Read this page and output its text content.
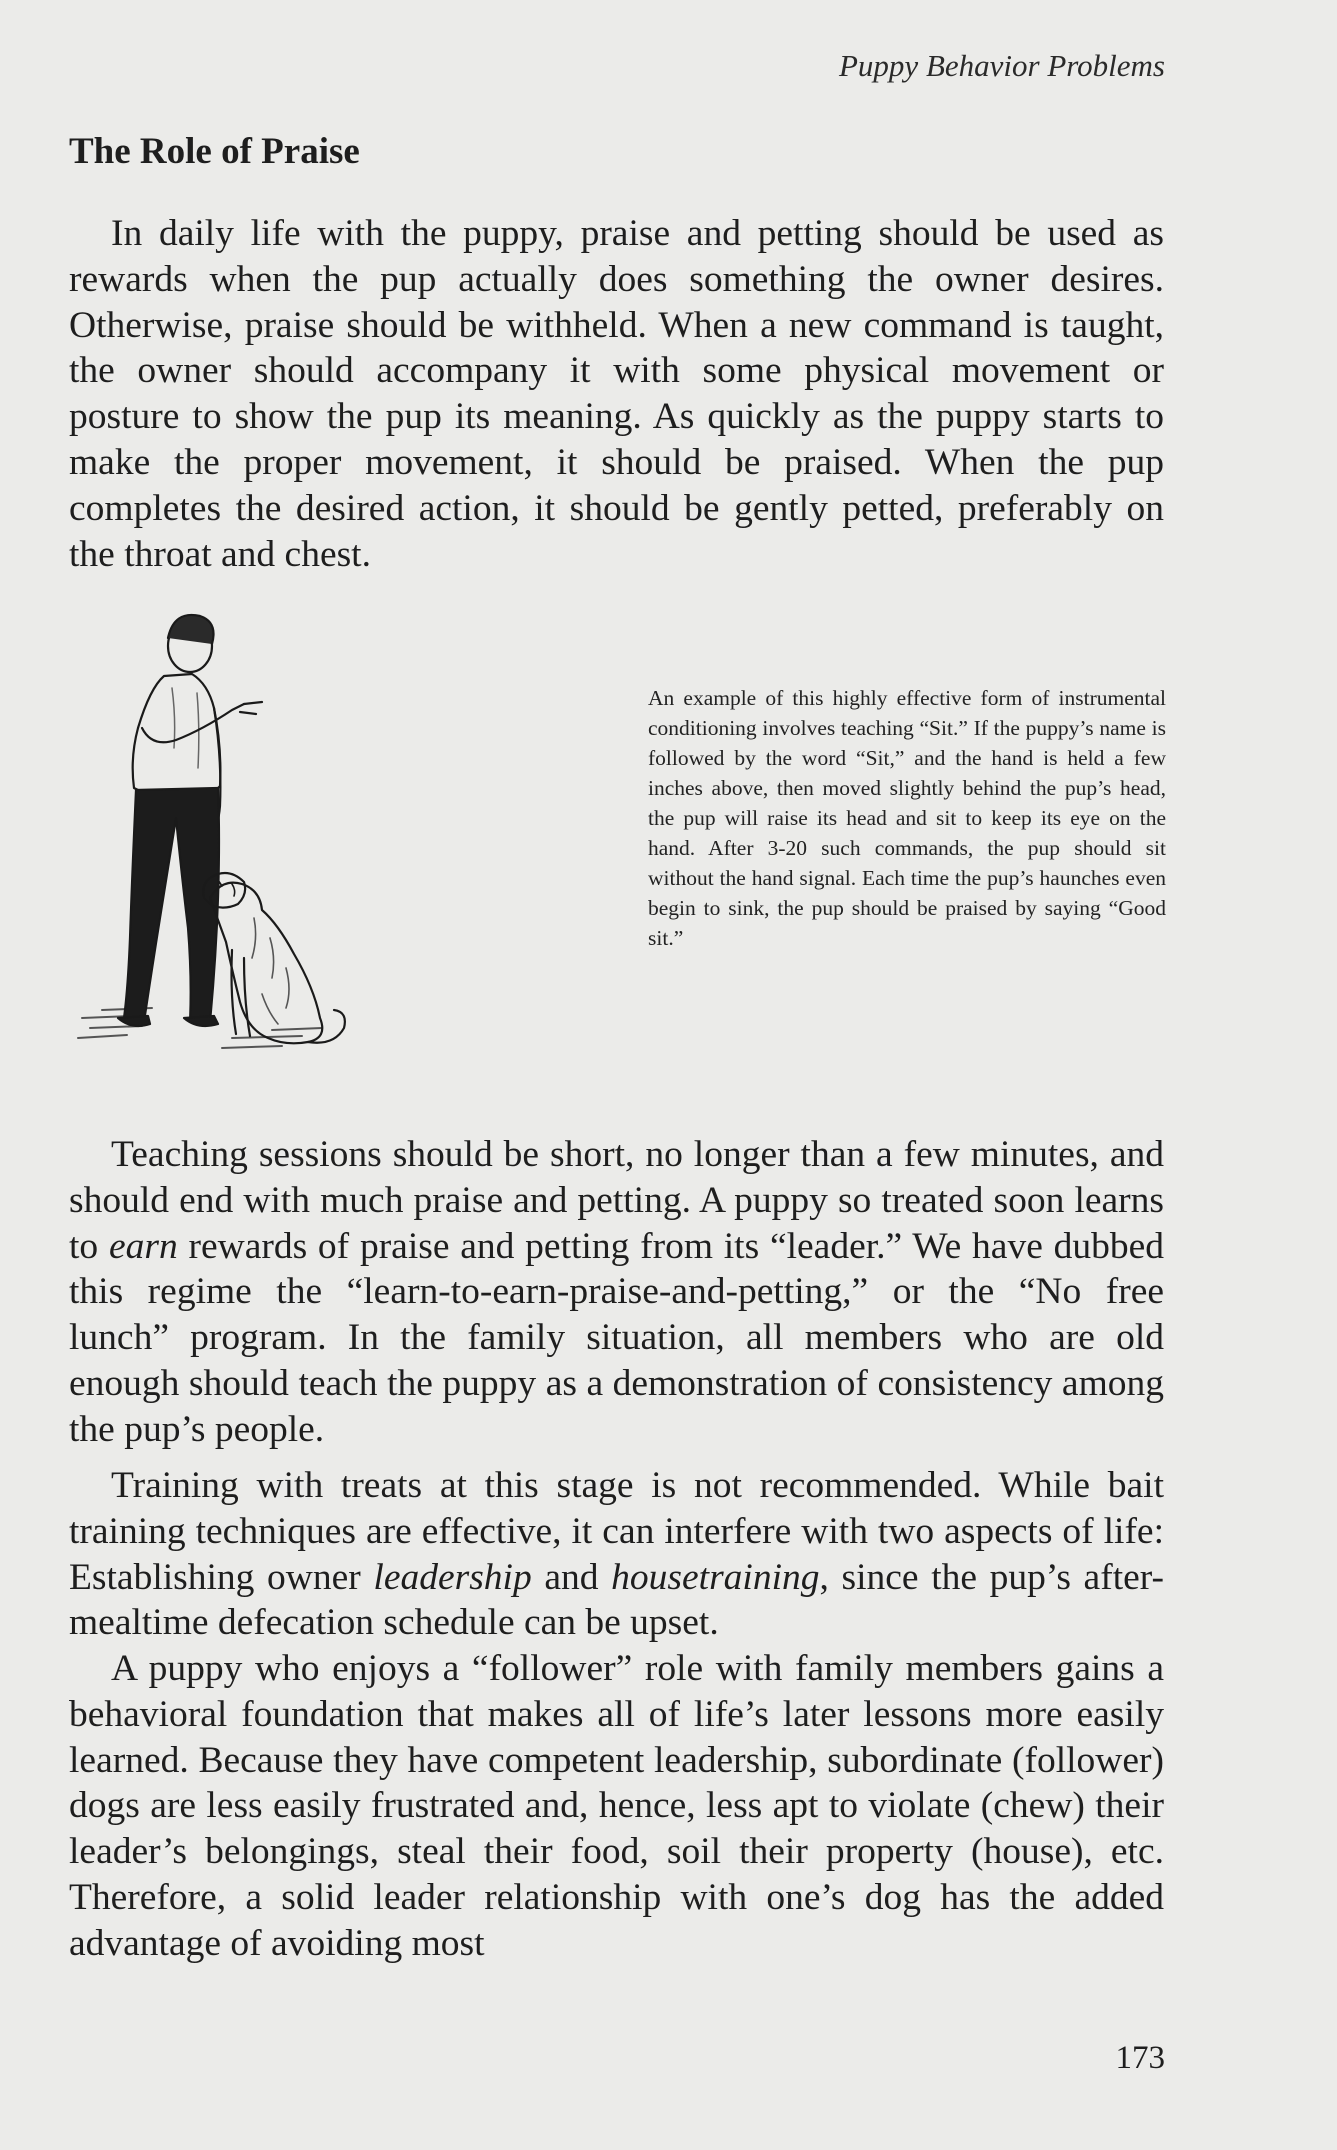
Puppy Behavior Problems
The Role of Praise

In daily life with the puppy, praise and petting should be used as rewards when the pup actually does something the owner desires. Otherwise, praise should be withheld. When a new command is taught, the owner should accompany it with some physical movement or posture to show the pup its meaning. As quickly as the puppy starts to make the proper movement, it should be praised. When the pup completes the desired action, it should be gently petted, preferably on the throat and chest.

An example of this highly effective form of instrumental conditioning involves teaching “Sit.” If the puppy’s name is followed by the word “Sit,” and the hand is held a few inches above, then moved slightly behind the pup’s head, the pup will raise its head and sit to keep its eye on the hand. After 3-20 such commands, the pup should sit without the hand signal. Each time the pup’s haunches even begin to sink, the pup should be praised by saying “Good sit.”

Teaching sessions should be short, no longer than a few minutes, and should end with much praise and petting. A puppy so treated soon learns to earn rewards of praise and petting from its “leader.” We have dubbed this regime the “learn-to-earn-praise-and-petting,” or the “No free lunch” program. In the family situation, all members who are old enough should teach the puppy as a demonstration of consistency among the pup’s people.

Training with treats at this stage is not recommended. While bait training techniques are effective, it can interfere with two aspects of life: Establishing owner leadership and housetraining, since the pup’s after-mealtime defecation schedule can be upset.

A puppy who enjoys a “follower” role with family members gains a behavioral foundation that makes all of life’s later lessons more easily learned. Because they have competent leadership, subordinate (follower) dogs are less easily frustrated and, hence, less apt to violate (chew) their leader’s belongings, steal their food, soil their property (house), etc. Therefore, a solid leader relationship with one’s dog has the added advantage of avoiding most

173
